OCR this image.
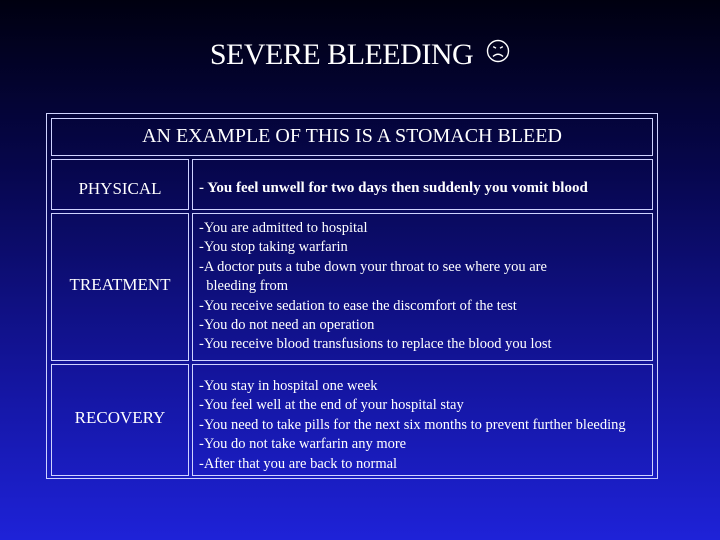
SEVERE BLEEDING
AN EXAMPLE OF THIS IS A STOMACH BLEED
PHYSICAL	- You feel unwell for two days then suddenly you vomit blood
TREATMENT
-You are admitted to hospital
-You stop taking warfarin
-A doctor puts a tube down your throat to see where you are
bleeding from
-You receive sedation to ease the discomfort of the test
-You do not need an operation
-You receive blood transfusions to replace the blood you lost
RECOVERY
-You stay in hospital one week
-You feel well at the end of your hospital stay
-You need to take pills for the next six months to prevent further bleeding
-You do not take warfarin any more
-After that you are back to normal
